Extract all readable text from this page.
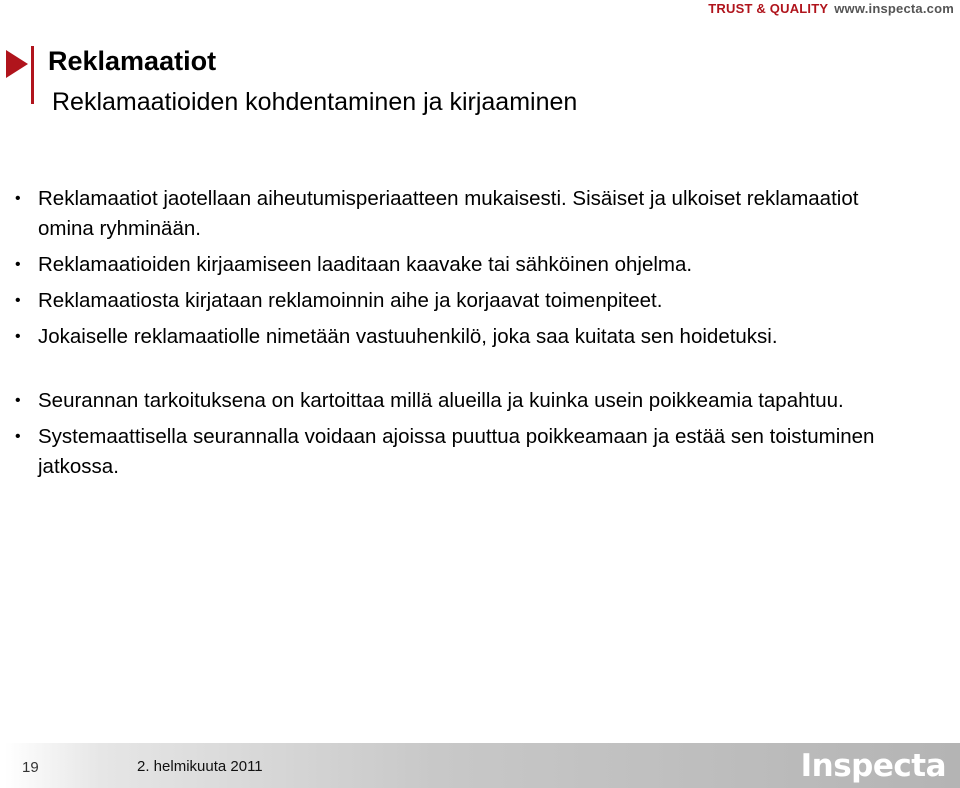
TRUST & QUALITY www.inspecta.com
Reklamaatiot
Reklamaatioiden kohdentaminen ja kirjaaminen
• Reklamaatiot jaotellaan aiheutumisperiaatteen mukaisesti. Sisäiset ja ulkoiset reklamaatiot omina ryhminään.
• Reklamaatioiden kirjaamiseen laaditaan kaavake tai sähköinen ohjelma.
• Reklamaatiosta kirjataan reklamoinnin aihe ja korjaavat toimenpiteet.
• Jokaiselle reklamaatiolle nimetään vastuuhenkilö, joka saa kuitata sen hoidetuksi.
• Seurannan tarkoituksena on kartoittaa millä alueilla ja kuinka usein poikkeamia tapahtuu.
• Systemaattisella seurannalla voidaan ajoissa puuttua poikkeamaan ja estää sen toistuminen jatkossa.
19	2. helmikuuta 2011	Inspecta
